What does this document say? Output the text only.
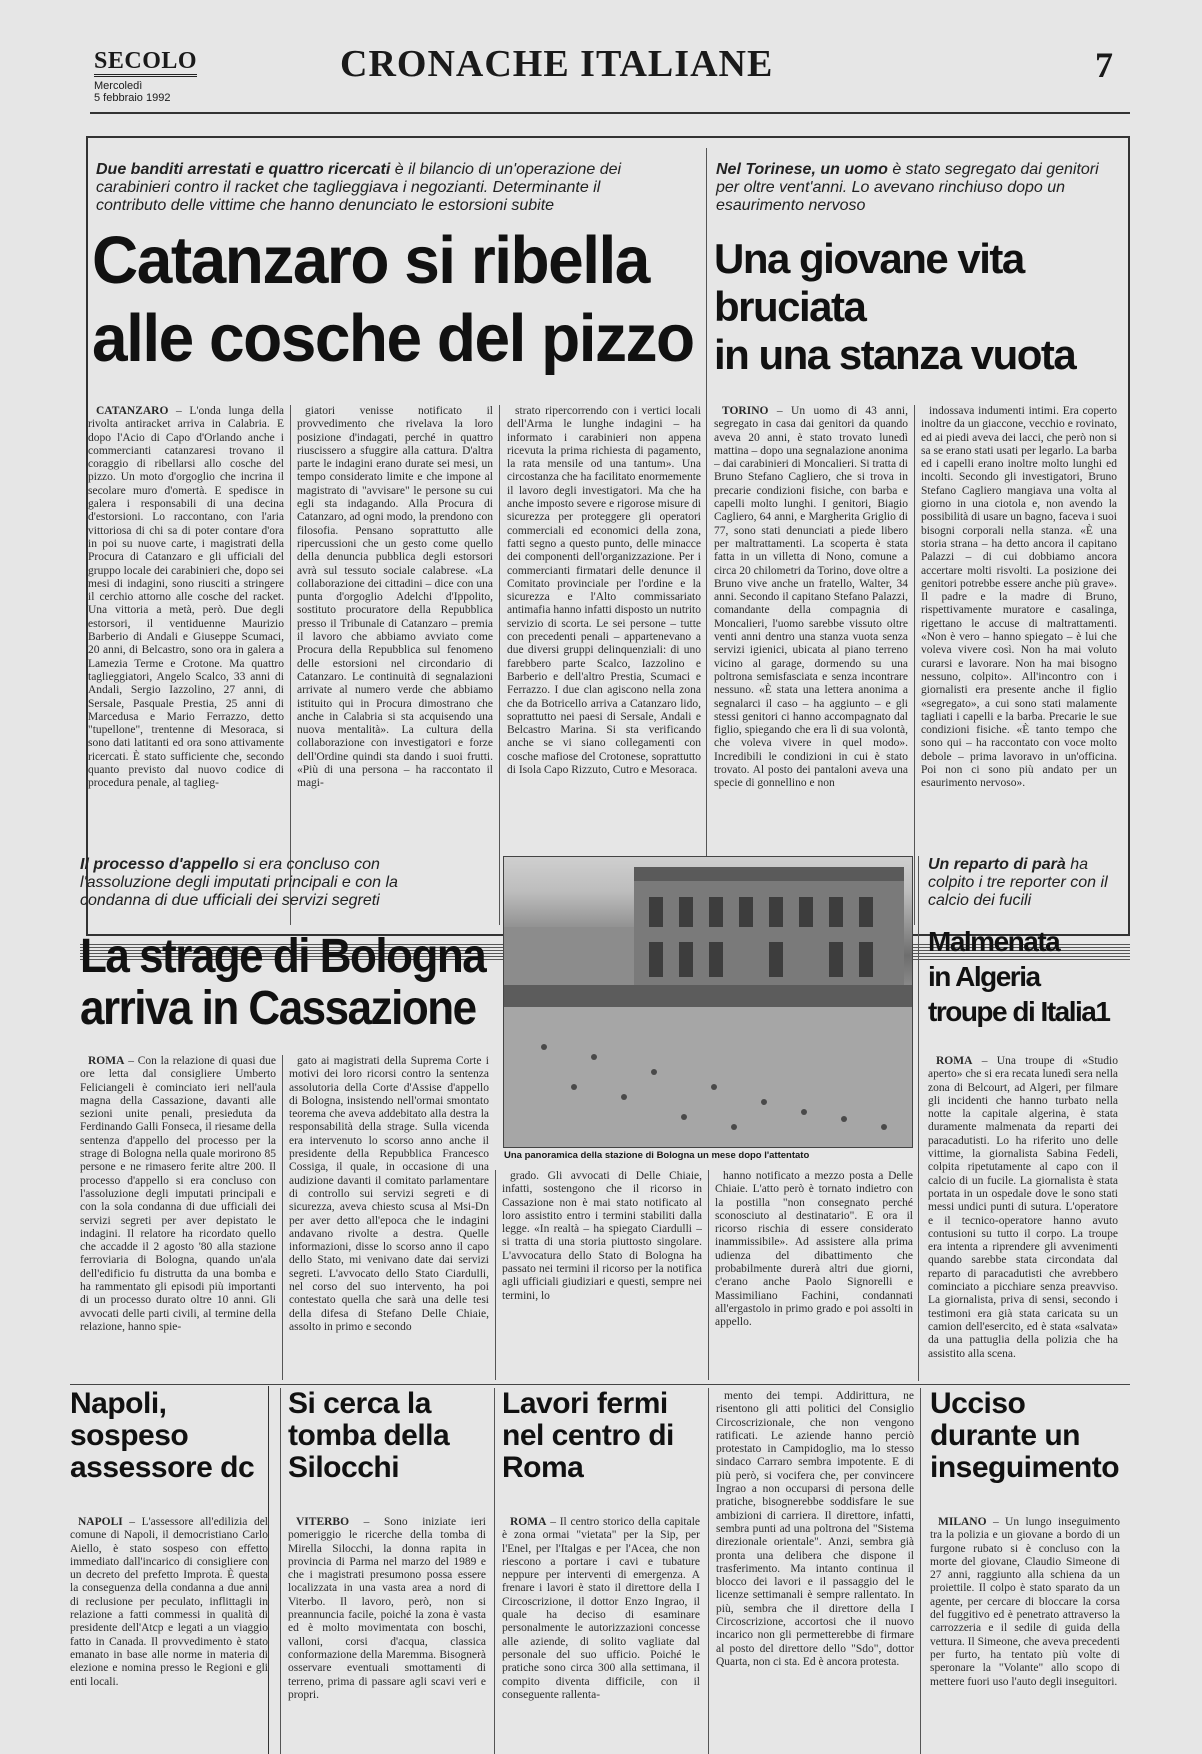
SECOLO
Mercoledì
5 febbraio 1992
CRONACHE ITALIANE	7
Due banditi arrestati e quattro ricercati è il bilancio di un'operazione dei carabinieri contro il racket che taglieggiava i negozianti. Determinante il contributo delle vittime che hanno denunciato le estorsioni subite
Catanzaro si ribella
alle cosche del pizzo

CATANZARO – L'onda lunga della rivolta antiracket arriva in Calabria. E dopo l'Acio di Capo d'Orlando anche i commercianti catanzaresi trovano il coraggio di ribellarsi allo cosche del pizzo. Un moto d'orgoglio che incrina il secolare muro d'omertà. E spedisce in galera i responsabili di una decina d'estorsioni. Lo raccontano, con l'aria vittoriosa di chi sa di poter contare d'ora in poi su nuove carte, i magistrati della Procura di Catanzaro e gli ufficiali del gruppo locale dei carabinieri che, dopo sei mesi di indagini, sono riusciti a stringere il cerchio attorno alle cosche del racket. Una vittoria a metà, però. Due degli estorsori, il ventiduenne Maurizio Barberio di Andali e Giuseppe Scumaci, 20 anni, di Belcastro, sono ora in galera a Lamezia Terme e Crotone. Ma quattro taglieggiatori, Angelo Scalco, 33 anni di Andali, Sergio Iazzolino, 27 anni, di Sersale, Pasquale Prestia, 25 anni di Marcedusa e Mario Ferrazzo, detto "tupellone", trentenne di Mesoraca, si sono dati latitanti ed ora sono attivamente ricercati. È stato sufficiente che, secondo quanto previsto dal nuovo codice di procedura penale, al taglieg-

giatori venisse notificato il provvedimento che rivelava la loro posizione d'indagati, perché in quattro riuscissero a sfuggire alla cattura. D'altra parte le indagini erano durate sei mesi, un tempo considerato limite e che impone al magistrato di "avvisare" le persone su cui egli sta indagando. Alla Procura di Catanzaro, ad ogni modo, la prendono con filosofia. Pensano soprattutto alle ripercussioni che un gesto come quello della denuncia pubblica degli estorsori avrà sul tessuto sociale calabrese. «La collaborazione dei cittadini – dice con una punta d'orgoglio Adelchi d'Ippolito, sostituto procuratore della Repubblica presso il Tribunale di Catanzaro – premia il lavoro che abbiamo avviato come Procura della Repubblica sul fenomeno delle estorsioni nel circondario di Catanzaro. Le continuità di segnalazioni arrivate al numero verde che abbiamo istituito qui in Procura dimostrano che anche in Calabria si sta acquisendo una nuova mentalità». La cultura della collaborazione con investigatori e forze dell'Ordine quindi sta dando i suoi frutti. «Più di una persona – ha raccontato il magi-

strato ripercorrendo con i vertici locali dell'Arma le lunghe indagini – ha informato i carabinieri non appena ricevuta la prima richiesta di pagamento, la rata mensile od una tantum». Una circostanza che ha facilitato enormemente il lavoro degli investigatori. Ma che ha anche imposto severe e rigorose misure di sicurezza per proteggere gli operatori commerciali ed economici della zona, fatti segno a questo punto, delle minacce dei componenti dell'organizzazione. Per i commercianti firmatari delle denunce il Comitato provinciale per l'ordine e la sicurezza e l'Alto commissariato antimafia hanno infatti disposto un nutrito servizio di scorta. Le sei persone – tutte con precedenti penali – appartenevano a due diversi gruppi delinquenziali: di uno farebbero parte Scalco, Iazzolino e Barberio e dell'altro Prestia, Scumaci e Ferrazzo. I due clan agiscono nella zona che da Botricello arriva a Catanzaro lido, soprattutto nei paesi di Sersale, Andali e Belcastro Marina. Si sta verificando anche se vi siano collegamenti con cosche mafiose del Crotonese, soprattutto di Isola Capo Rizzuto, Cutro e Mesoraca.

Nel Torinese, un uomo è stato segregato dai genitori per oltre vent'anni. Lo avevano rinchiuso dopo un esaurimento nervoso
Una giovane vita
bruciata
in una stanza vuota

TORINO – Un uomo di 43 anni, segregato in casa dai genitori da quando aveva 20 anni, è stato trovato lunedì mattina – dopo una segnalazione anonima – dai carabinieri di Moncalieri. Si tratta di Bruno Stefano Cagliero, che si trova in precarie condizioni fisiche, con barba e capelli molto lunghi. I genitori, Biagio Cagliero, 64 anni, e Margherita Griglio di 77, sono stati denunciati a piede libero per maltrattamenti. La scoperta è stata fatta in un villetta di Nono, comune a circa 20 chilometri da Torino, dove oltre a Bruno vive anche un fratello, Walter, 34 anni. Secondo il capitano Stefano Palazzi, comandante della compagnia di Moncalieri, l'uomo sarebbe vissuto oltre venti anni dentro una stanza vuota senza servizi igienici, ubicata al piano terreno vicino al garage, dormendo su una poltrona semisfasciata e senza incontrare nessuno. «È stata una lettera anonima a segnalarci il caso – ha aggiunto – e gli stessi genitori ci hanno accompagnato dal figlio, spiegando che era lì di sua volontà, che voleva vivere in quel modo». Incredibili le condizioni in cui è stato trovato. Al posto dei pantaloni aveva una specie di gonnellino e non

indossava indumenti intimi. Era coperto inoltre da un giaccone, vecchio e rovinato, ed ai piedi aveva dei lacci, che però non si sa se erano stati usati per legarlo. La barba ed i capelli erano inoltre molto lunghi ed incolti. Secondo gli investigatori, Bruno Stefano Cagliero mangiava una volta al giorno in una ciotola e, non avendo la possibilità di usare un bagno, faceva i suoi bisogni corporali nella stanza. «È una storia strana – ha detto ancora il capitano Palazzi – di cui dobbiamo ancora accertare molti risvolti. La posizione dei genitori potrebbe essere anche più grave». Il padre e la madre di Bruno, rispettivamente muratore e casalinga, rigettano le accuse di maltrattamenti. «Non è vero – hanno spiegato – è lui che voleva vivere così. Non ha mai voluto curarsi e lavorare. Non ha mai bisogno nessuno, colpito». All'incontro con i giornalisti era presente anche il figlio «segregato», a cui sono stati malamente tagliati i capelli e la barba. Precarie le sue condizioni fisiche. «È tanto tempo che sono qui – ha raccontato con voce molto debole – prima lavoravo in un'officina. Poi non ci sono più andato per un esaurimento nervoso».

Il processo d'appello si era concluso con l'assoluzione degli imputati principali e con la condanna di due ufficiali dei servizi segreti
La strage di Bologna
arriva in Cassazione
Una panoramica della stazione di Bologna un mese dopo l'attentato

ROMA – Con la relazione di quasi due ore letta dal consigliere Umberto Feliciangeli è cominciato ieri nell'aula magna della Cassazione, davanti alle sezioni unite penali, presieduta da Ferdinando Galli Fonseca, il riesame della sentenza d'appello del processo per la strage di Bologna nella quale morirono 85 persone e ne rimasero ferite altre 200. Il processo d'appello si era concluso con l'assoluzione degli imputati principali e con la sola condanna di due ufficiali dei servizi segreti per aver depistato le indagini. Il relatore ha ricordato quello che accadde il 2 agosto '80 alla stazione ferroviaria di Bologna, quando un'ala dell'edificio fu distrutta da una bomba e ha rammentato gli episodi più importanti di un processo durato oltre 10 anni. Gli avvocati delle parti civili, al termine della relazione, hanno spie-

gato ai magistrati della Suprema Corte i motivi dei loro ricorsi contro la sentenza assolutoria della Corte d'Assise d'appello di Bologna, insistendo nell'ormai smontato teorema che aveva addebitato alla destra la responsabilità della strage. Sulla vicenda era intervenuto lo scorso anno anche il presidente della Repubblica Francesco Cossiga, il quale, in occasione di una audizione davanti il comitato parlamentare di controllo sui servizi segreti e di sicurezza, aveva chiesto scusa al Msi-Dn per aver detto all'epoca che le indagini andavano rivolte a destra. Quelle informazioni, disse lo scorso anno il capo dello Stato, mi venivano date dai servizi segreti. L'avvocato dello Stato Ciardulli, nel corso del suo intervento, ha poi contestato quella che sarà una delle tesi della difesa di Stefano Delle Chiaie, assolto in primo e secondo

grado. Gli avvocati di Delle Chiaie, infatti, sostengono che il ricorso in Cassazione non è mai stato notificato al loro assistito entro i termini stabiliti dalla legge. «In realtà – ha spiegato Ciardulli – si tratta di una storia piuttosto singolare. L'avvocatura dello Stato di Bologna ha passato nei termini il ricorso per la notifica agli ufficiali giudiziari e questi, sempre nei termini, lo

hanno notificato a mezzo posta a Delle Chiaie. L'atto però è tornato indietro con la postilla "non consegnato perché sconosciuto al destinatario". E ora il ricorso rischia di essere considerato inammissibile». Ad assistere alla prima udienza del dibattimento che probabilmente durerà altri due giorni, c'erano anche Paolo Signorelli e Massimiliano Fachini, condannati all'ergastolo in primo grado e poi assolti in appello.

Un reparto di parà ha colpito i tre reporter con il calcio dei fucili
Malmenata
in Algeria
troupe di Italia1

ROMA – Una troupe di «Studio aperto» che si era recata lunedì sera nella zona di Belcourt, ad Algeri, per filmare gli incidenti che hanno turbato nella notte la capitale algerina, è stata duramente malmenata da reparti dei paracadutisti. Lo ha riferito uno delle vittime, la giornalista Sabina Fedeli, colpita ripetutamente al capo con il calcio di un fucile. La giornalista è stata portata in un ospedale dove le sono stati messi undici punti di sutura. L'operatore e il tecnico-operatore hanno avuto contusioni su tutto il corpo. La troupe era intenta a riprendere gli avvenimenti quando sarebbe stata circondata dal reparto di paracadutisti che avrebbero cominciato a picchiare senza preavviso. La giornalista, priva di sensi, secondo i testimoni era già stata caricata su un camion dell'esercito, ed è stata «salvata» da una pattuglia della polizia che ha assistito alla scena.

Napoli, sospeso assessore dc

NAPOLI – L'assessore all'edilizia del comune di Napoli, il democristiano Carlo Aiello, è stato sospeso con effetto immediato dall'incarico di consigliere con un decreto del prefetto Improta. È questa la conseguenza della condanna a due anni di reclusione per peculato, inflittagli in relazione a fatti commessi in qualità di presidente dell'Atcp e legati a un viaggio fatto in Canada. Il provvedimento è stato emanato in base alle norme in materia di elezione e nomina presso le Regioni e gli enti locali.

Si cerca la tomba della Silocchi

VITERBO – Sono iniziate ieri pomeriggio le ricerche della tomba di Mirella Silocchi, la donna rapita in provincia di Parma nel marzo del 1989 e che i magistrati presumono possa essere localizzata in una vasta area a nord di Viterbo. Il lavoro, però, non si preannuncia facile, poiché la zona è vasta ed è molto movimentata con boschi, valloni, corsi d'acqua, classica conformazione della Maremma. Bisognerà osservare eventuali smottamenti di terreno, prima di passare agli scavi veri e propri.

Lavori fermi nel centro di Roma

ROMA – Il centro storico della capitale è zona ormai "vietata" per la Sip, per l'Enel, per l'Italgas e per l'Acea, che non riescono a portare i cavi e tubature neppure per interventi di emergenza. A frenare i lavori è stato il direttore della I Circoscrizione, il dottor Enzo Ingrao, il quale ha deciso di esaminare personalmente le autorizzazioni concesse alle aziende, di solito vagliate dal personale del suo ufficio. Poiché le pratiche sono circa 300 alla settimana, il compito diventa difficile, con il conseguente rallenta-

mento dei tempi. Addirittura, ne risentono gli atti politici del Consiglio Circoscrizionale, che non vengono ratificati. Le aziende hanno perciò protestato in Campidoglio, ma lo stesso sindaco Carraro sembra impotente. E di più però, si vocifera che, per convincere Ingrao a non occuparsi di persona delle pratiche, bisognerebbe soddisfare le sue ambizioni di carriera. Il direttore, infatti, sembra punti ad una poltrona del "Sistema direzionale orientale". Anzi, sembra già pronta una delibera che dispone il trasferimento. Ma intanto continua il blocco dei lavori e il passaggio del le licenze settimanali è sempre rallentato. In più, sembra che il direttore della I Circoscrizione, accortosi che il nuovo incarico non gli permetterebbe di firmare al posto del direttore dello "Sdo", dottor Quarta, non ci sta. Ed è ancora protesta.

Ucciso durante un inseguimento

MILANO – Un lungo inseguimento tra la polizia e un giovane a bordo di un furgone rubato si è concluso con la morte del giovane, Claudio Simeone di 27 anni, raggiunto alla schiena da un proiettile. Il colpo è stato sparato da un agente, per cercare di bloccare la corsa del fuggitivo ed è penetrato attraverso la carrozzeria e il sedile di guida della vettura. Il Simeone, che aveva precedenti per furto, ha tentato più volte di speronare la "Volante" allo scopo di mettere fuori uso l'auto degli inseguitori.
